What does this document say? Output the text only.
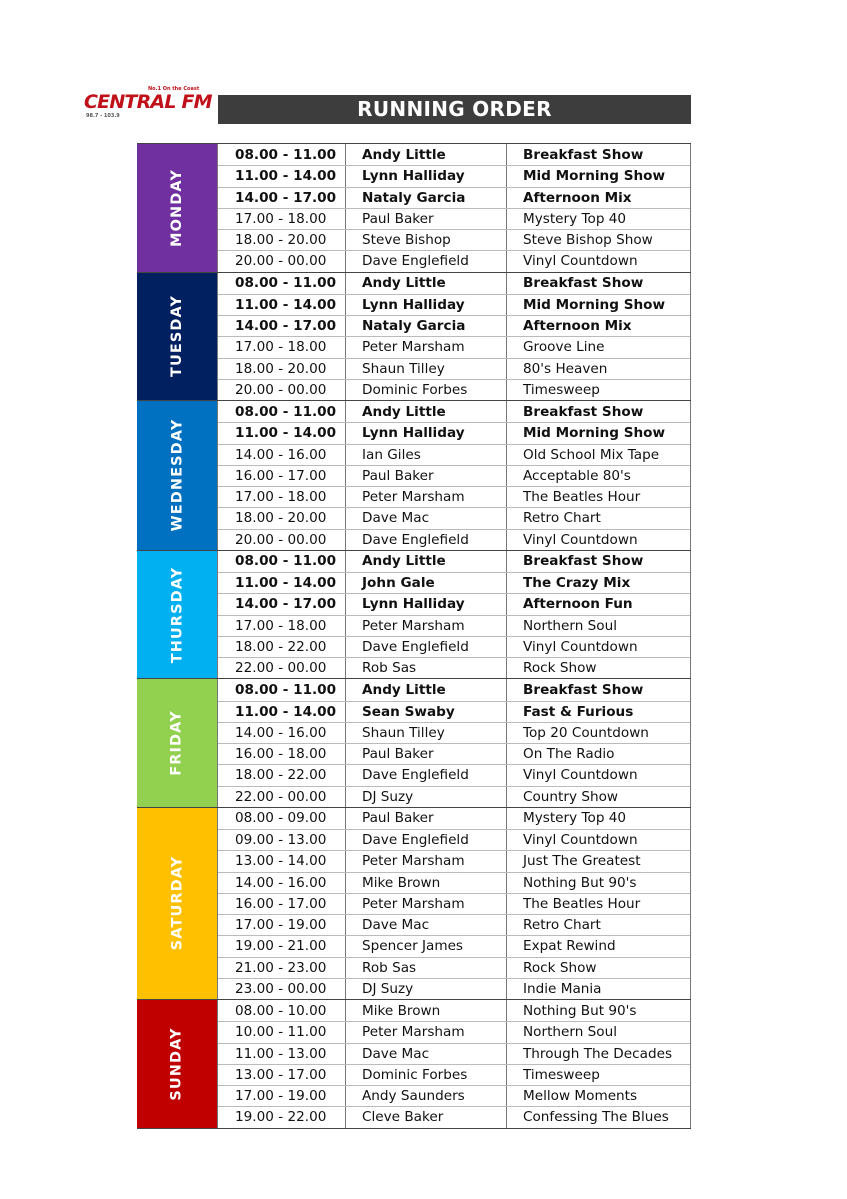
No.1 On the Coast
CENTRAL FM
98.7 - 103.9	RUNNING ORDER
MONDAY
08.00 - 11.00	Andy Little	Breakfast Show
11.00 - 14.00	Lynn Halliday	Mid Morning Show
14.00 - 17.00	Nataly Garcia	Afternoon Mix
17.00 - 18.00	Paul Baker	Mystery Top 40
18.00 - 20.00	Steve Bishop	Steve Bishop Show
20.00 - 00.00	Dave Englefield	Vinyl Countdown
TUESDAY
08.00 - 11.00	Andy Little	Breakfast Show
11.00 - 14.00	Lynn Halliday	Mid Morning Show
14.00 - 17.00	Nataly Garcia	Afternoon Mix
17.00 - 18.00	Peter Marsham	Groove Line
18.00 - 20.00	Shaun Tilley	80's Heaven
20.00 - 00.00	Dominic Forbes	Timesweep
WEDNESDAY
08.00 - 11.00	Andy Little	Breakfast Show
11.00 - 14.00	Lynn Halliday	Mid Morning Show
14.00 - 16.00	Ian Giles	Old School Mix Tape
16.00 - 17.00	Paul Baker	Acceptable 80's
17.00 - 18.00	Peter Marsham	The Beatles Hour
18.00 - 20.00	Dave Mac	Retro Chart
20.00 - 00.00	Dave Englefield	Vinyl Countdown
THURSDAY
08.00 - 11.00	Andy Little	Breakfast Show
11.00 - 14.00	John Gale	The Crazy Mix
14.00 - 17.00	Lynn Halliday	Afternoon Fun
17.00 - 18.00	Peter Marsham	Northern Soul
18.00 - 22.00	Dave Englefield	Vinyl Countdown
22.00 - 00.00	Rob Sas	Rock Show
FRIDAY
08.00 - 11.00	Andy Little	Breakfast Show
11.00 - 14.00	Sean Swaby	Fast & Furious
14.00 - 16.00	Shaun Tilley	Top 20 Countdown
16.00 - 18.00	Paul Baker	On The Radio
18.00 - 22.00	Dave Englefield	Vinyl Countdown
22.00 - 00.00	DJ Suzy	Country Show
SATURDAY
08.00 - 09.00	Paul Baker	Mystery Top 40
09.00 - 13.00	Dave Englefield	Vinyl Countdown
13.00 - 14.00	Peter Marsham	Just The Greatest
14.00 - 16.00	Mike Brown	Nothing But 90's
16.00 - 17.00	Peter Marsham	The Beatles Hour
17.00 - 19.00	Dave Mac	Retro Chart
19.00 - 21.00	Spencer James	Expat Rewind
21.00 - 23.00	Rob Sas	Rock Show
23.00 - 00.00	DJ Suzy	Indie Mania
SUNDAY
08.00 - 10.00	Mike Brown	Nothing But 90's
10.00 - 11.00	Peter Marsham	Northern Soul
11.00 - 13.00	Dave Mac	Through The Decades
13.00 - 17.00	Dominic Forbes	Timesweep
17.00 - 19.00	Andy Saunders	Mellow Moments
19.00 - 22.00	Cleve Baker	Confessing The Blues
